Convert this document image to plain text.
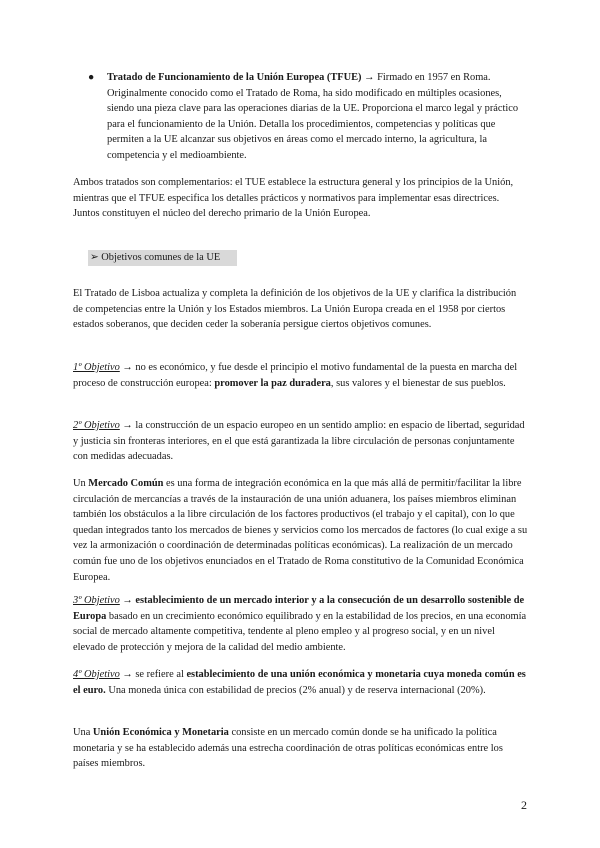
● Tratado de Funcionamiento de la Unión Europea (TFUE) → Firmado en 1957 en Roma. Originalmente conocido como el Tratado de Roma, ha sido modificado en múltiples ocasiones, siendo una pieza clave para las operaciones diarias de la UE. Proporciona el marco legal y práctico para el funcionamiento de la Unión. Detalla los procedimientos, competencias y políticas que permiten a la UE alcanzar sus objetivos en áreas como el mercado interno, la agricultura, la competencia y el medioambiente.

Ambos tratados son complementarios: el TUE establece la estructura general y los principios de la Unión, mientras que el TFUE especifica los detalles prácticos y normativos para implementar esas directrices. Juntos constituyen el núcleo del derecho primario de la Unión Europea.

➢ Objetivos comunes de la UE

El Tratado de Lisboa actualiza y completa la definición de los objetivos de la UE y clarifica la distribución de competencias entre la Unión y los Estados miembros. La Unión Europa creada en el 1958 por ciertos estados soberanos, que deciden ceder la soberanía persigue ciertos objetivos comunes.

1º Objetivo → no es económico, y fue desde el principio el motivo fundamental de la puesta en marcha del proceso de construcción europea: promover la paz duradera, sus valores y el bienestar de sus pueblos.

2º Objetivo → la construcción de un espacio europeo en un sentido amplio: en espacio de libertad, seguridad y justicia sin fronteras interiores, en el que está garantizada la libre circulación de personas conjuntamente con medidas adecuadas.

Un Mercado Común es una forma de integración económica en la que más allá de permitir/facilitar la libre circulación de mercancías a través de la instauración de una unión aduanera, los países miembros eliminan también los obstáculos a la libre circulación de los factores productivos (el trabajo y el capital), con lo que quedan integrados tanto los mercados de bienes y servicios como los mercados de factores (lo cual exige a su vez la armonización o coordinación de determinadas políticas económicas). La realización de un mercado común fue uno de los objetivos enunciados en el Tratado de Roma constitutivo de la Comunidad Económica Europea.

3º Objetivo → establecimiento de un mercado interior y a la consecución de un desarrollo sostenible de Europa basado en un crecimiento económico equilibrado y en la estabilidad de los precios, en una economía social de mercado altamente competitiva, tendente al pleno empleo y al progreso social, y en un nivel elevado de protección y mejora de la calidad del medio ambiente.

4º Objetivo → se refiere al establecimiento de una unión económica y monetaria cuya moneda común es el euro. Una moneda única con estabilidad de precios (2% anual) y de reserva internacional (20%).

Una Unión Económica y Monetaria consiste en un mercado común donde se ha unificado la política monetaria y se ha establecido además una estrecha coordinación de otras políticas económicas entre los países miembros.

2
